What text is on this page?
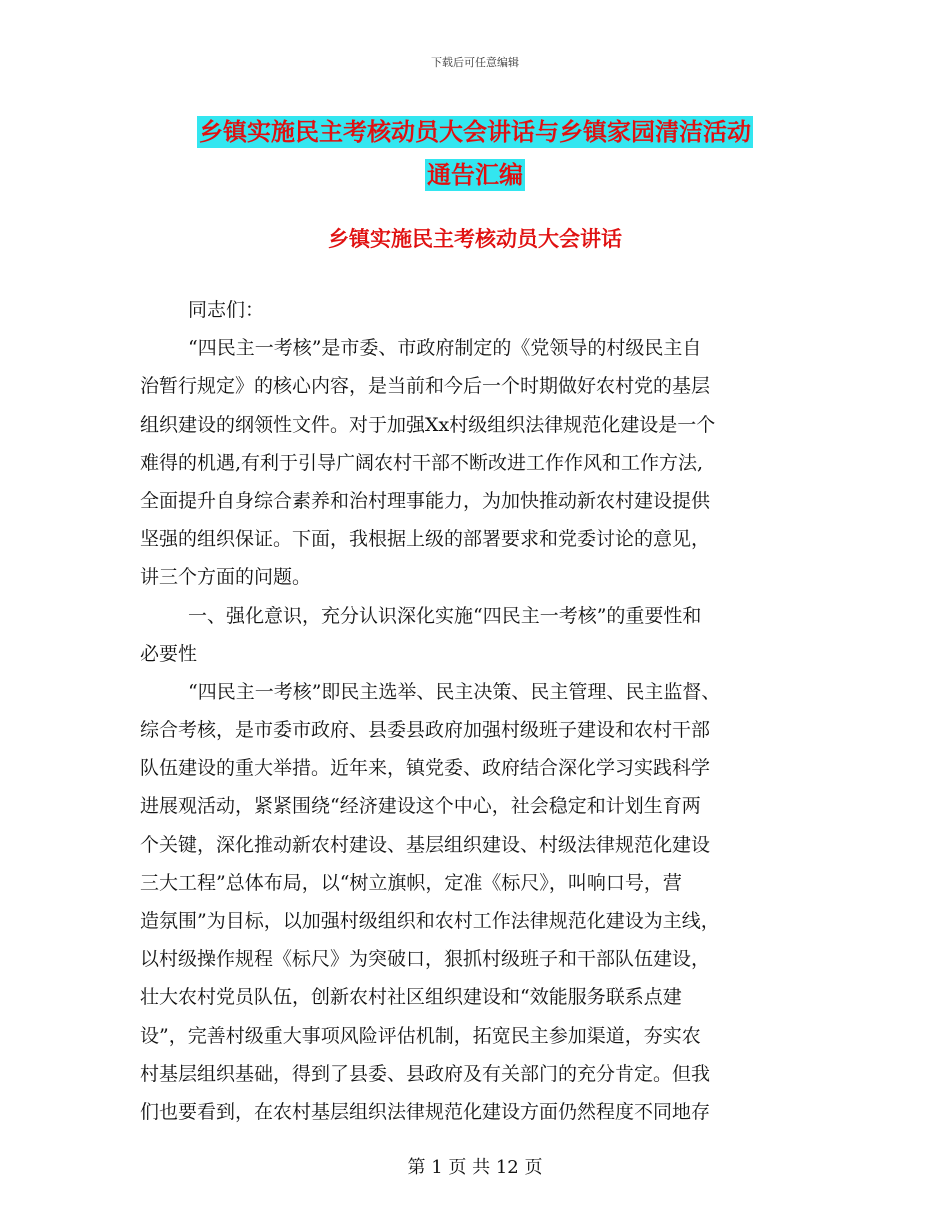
下载后可任意编辑
乡镇实施民主考核动员大会讲话与乡镇家园清洁活动
通告汇编
乡镇实施民主考核动员大会讲话
同志们：
“四民主一考核”是市委、市政府制定的《党领导的村级民主自
治暂行规定》的核心内容，是当前和今后一个时期做好农村党的基层
组织建设的纲领性文件。对于加强Xx村级组织法律规范化建设是一个
难得的机遇,有利于引导广阔农村干部不断改进工作作风和工作方法,
全面提升自身综合素养和治村理事能力，为加快推动新农村建设提供
坚强的组织保证。下面，我根据上级的部署要求和党委讨论的意见，
讲三个方面的问题。
一、强化意识，充分认识深化实施“四民主一考核”的重要性和
必要性
“四民主一考核”即民主选举、民主决策、民主管理、民主监督、
综合考核，是市委市政府、县委县政府加强村级班子建设和农村干部
队伍建设的重大举措。近年来，镇党委、政府结合深化学习实践科学
进展观活动，紧紧围绕“经济建设这个中心，社会稳定和计划生育两
个关键，深化推动新农村建设、基层组织建设、村级法律规范化建设
三大工程”总体布局，以“树立旗帜，定准《标尺》，叫响口号，营
造氛围”为目标，以加强村级组织和农村工作法律规范化建设为主线，
以村级操作规程《标尺》为突破口，狠抓村级班子和干部队伍建设，
壮大农村党员队伍，创新农村社区组织建设和“效能服务联系点建
设”，完善村级重大事项风险评估机制，拓宽民主参加渠道，夯实农
村基层组织基础，得到了县委、县政府及有关部门的充分肯定。但我
们也要看到，在农村基层组织法律规范化建设方面仍然程度不同地存
第 1 页 共 12 页
